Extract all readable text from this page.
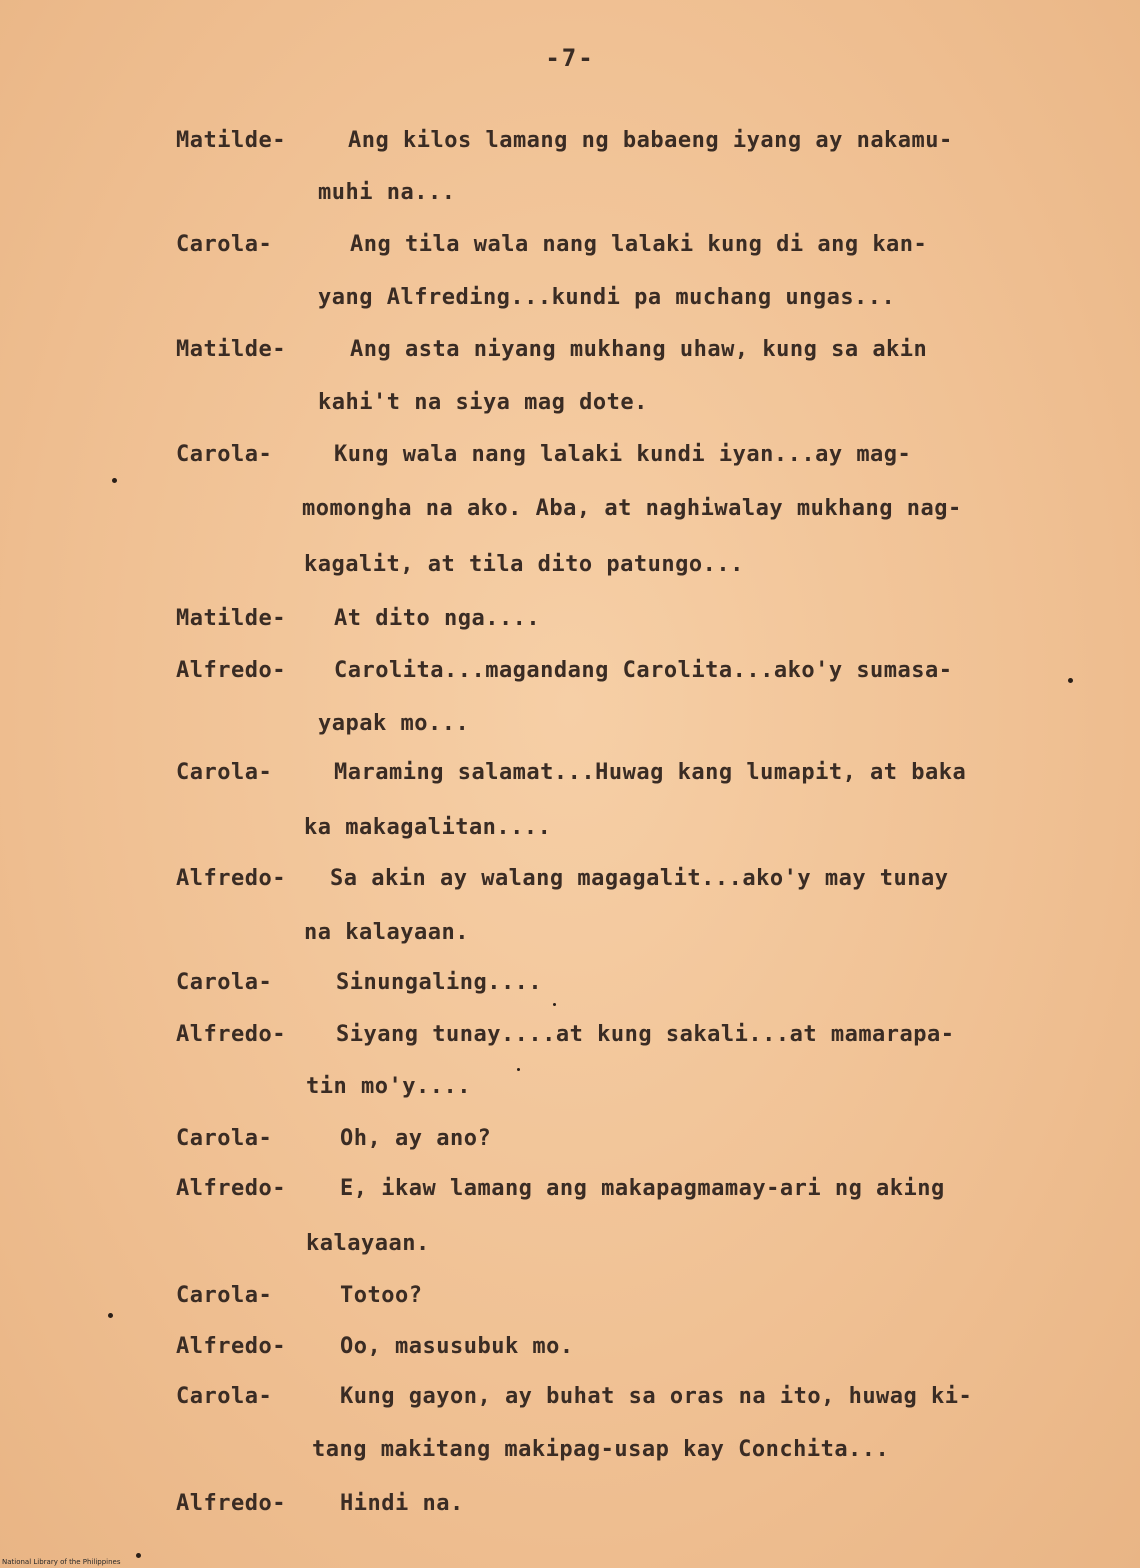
-7-
Matilde-	Ang kilos lamang ng babaeng iyang ay nakamu-
muhi na...
Carola-	Ang tila wala nang lalaki kung di ang kan-
yang Alfreding...kundi pa muchang ungas...
Matilde-	Ang asta niyang mukhang uhaw, kung sa akin
kahi't na siya mag dote.
Carola-	Kung wala nang lalaki kundi iyan...ay mag-
momongha na ako. Aba, at naghiwalay mukhang nag-
kagalit, at tila dito patungo...
Matilde- At dito nga....
Alfredo- Carolita...magandang Carolita...ako'y sumasa-
yapak mo...
Carola-	Maraming salamat...Huwag kang lumapit, at baka
ka makagalitan....
Alfredo- Sa akin ay walang magagalit...ako'y may tunay
na kalayaan.
Carola-	Sinungaling....
Alfredo- Siyang tunay....at kung sakali...at mamarapa-
tin mo'y....
Carola-	Oh, ay ano?
Alfredo- E, ikaw lamang ang makapagmamay-ari ng aking
kalayaan.
Carola-	Totoo?
Alfredo- Oo, masusubuk mo.
Carola-	Kung gayon, ay buhat sa oras na ito, huwag ki-
tang makitang makipag-usap kay Conchita...
Alfredo- Hindi na.
National Library of the Philippines
